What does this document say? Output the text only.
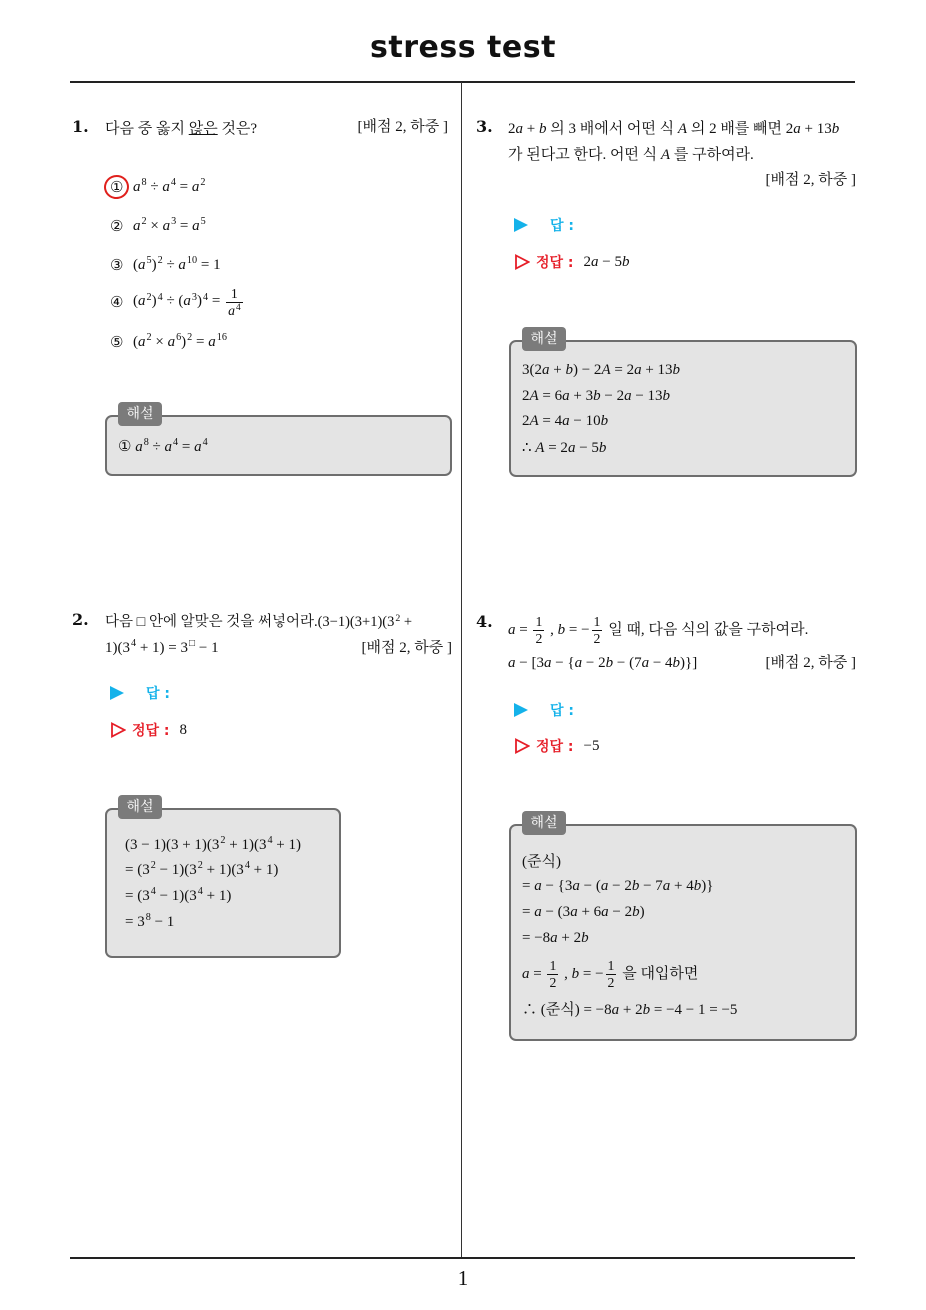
stress test
1
1. 다음 중 옳지 않은 것은?	[배점 2, 하중 ]
① $a^8 \div a^4 = a^2$
② $a^2 \times a^3 = a^5$
③ $(a^5)^2 \div a^{10} = 1$
④ $(a^2)^4 \div (a^3)^4 = \frac{1}{a^4}$
⑤ $(a^2 \times a^6)^2 = a^{16}$
해설
① $a^8 \div a^4 = a^4$
2. 다음 □ 안에 알맞은 것을 써넣어라$.(3-1)(3+1)(3^2$ +
$1)(3^4 + 1) = 3^□ - 1$	[배점 2, 하중 ]
답 :
정답 : 8
해설
$(3 - 1)(3 + 1)(3^2 + 1)(3^4 + 1)$
= $(3^2 - 1)(3^2 + 1)(3^4 + 1)$
= $(3^4 - 1)(3^4 + 1)$
= $3^8 - 1$
3. 2a + b 의 3 배에서 어떤 식 A 의 2 배를 빼면 2a + 13b
가 된다고 한다. 어떤 식 A 를 구하여라.
[배점 2, 하중 ]
답 :
정답 : 2a − 5b
해설
3(2a + b) − 2A = 2a + 13b
2A = 6a + 3b − 2a − 13b
2A = 4a − 10b
∴ A = 2a − 5b
4. $a = \frac{1}{2}$ , b = − $\frac{1}{2}$ 일 때, 다음 식의 값을 구하여라.
a − [3a − {a − 2b − (7a − 4b)}]	[배점 2, 하중 ]
답 :
정답 : −5
해설
(준식)
= a − {3a − (a − 2b − 7a + 4b)}
= a − (3a + 6a − 2b)
= −8a + 2b
$a = \frac{1}{2}$ , b = − $\frac{1}{2}$ 을 대입하면
∴ (준식) = −8a + 2b = −4 − 1 = −5
